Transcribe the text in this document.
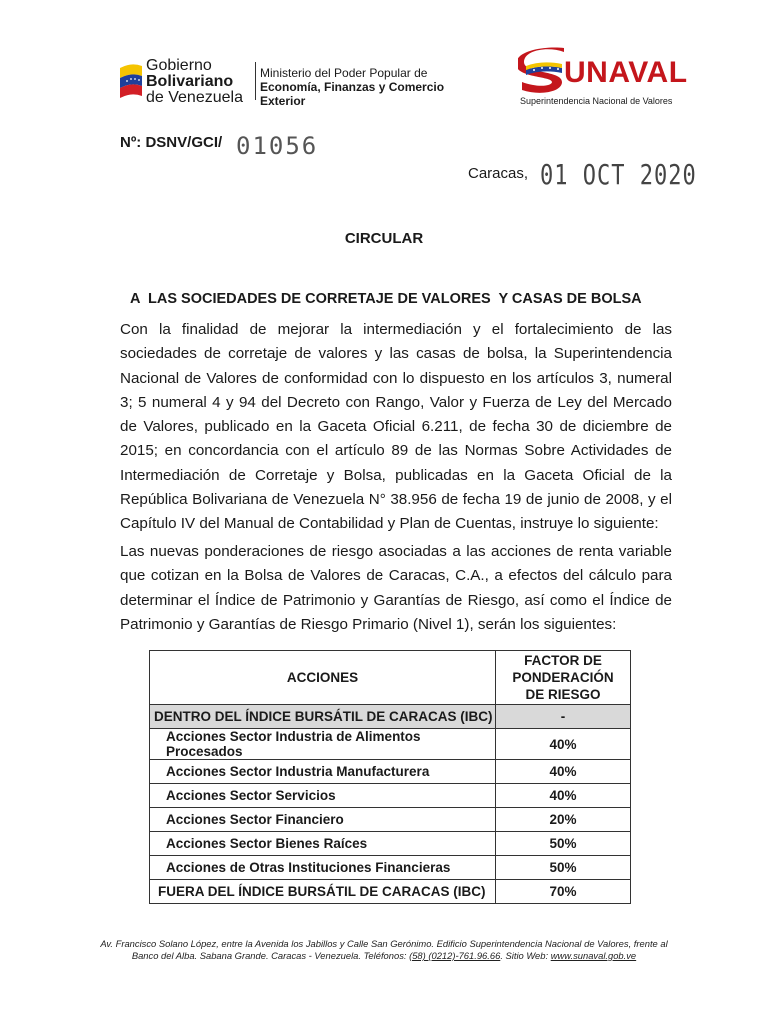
Gobierno Bolivariano
de Venezuela
Ministerio del Poder Popular de
Economía, Finanzas y Comercio Exterior
UNAVAL
Superintendencia Nacional de Valores
Nº: DSNV/GCI/ 01056
Caracas, 01 OCT 2020
CIRCULAR
A  LAS SOCIEDADES DE CORRETAJE DE VALORES  Y CASAS DE BOLSA
Con la finalidad de mejorar la intermediación y el fortalecimiento de las sociedades de corretaje de valores y las casas de bolsa, la Superintendencia Nacional de Valores de conformidad con lo dispuesto en los artículos 3, numeral 3; 5 numeral 4 y 94 del Decreto con Rango, Valor y Fuerza de Ley del Mercado de Valores, publicado en la Gaceta Oficial 6.211, de fecha 30 de diciembre de 2015; en concordancia con el artículo 89 de las Normas Sobre Actividades de Intermediación de Corretaje y Bolsa, publicadas en la Gaceta Oficial de la República Bolivariana de Venezuela N° 38.956 de fecha 19 de junio de 2008, y el Capítulo IV del Manual de Contabilidad y Plan de Cuentas, instruye lo siguiente:
Las nuevas ponderaciones de riesgo asociadas a las acciones de renta variable que cotizan en la Bolsa de Valores de Caracas, C.A., a efectos del cálculo para determinar el Índice de Patrimonio y Garantías de Riesgo, así como el Índice de Patrimonio y Garantías de Riesgo Primario (Nivel 1), serán los siguientes:
ACCIONES	FACTOR DE PONDERACIÓN DE RIESGO
DENTRO DEL ÍNDICE BURSÁTIL DE CARACAS (IBC)	-
Acciones Sector Industria de Alimentos Procesados	40%
Acciones Sector Industria Manufacturera	40%
Acciones Sector Servicios	40%
Acciones Sector Financiero	20%
Acciones Sector Bienes Raíces	50%
Acciones de Otras Instituciones Financieras	50%
FUERA DEL ÍNDICE BURSÁTIL DE CARACAS (IBC)	70%
Av. Francisco Solano López, entre la Avenida los Jabillos y Calle San Gerónimo. Edificio Superintendencia Nacional de Valores, frente al
Banco del Alba. Sabana Grande. Caracas - Venezuela. Teléfonos: (58) (0212)-761.96.66. Sitio Web: www.sunaval.gob.ve
